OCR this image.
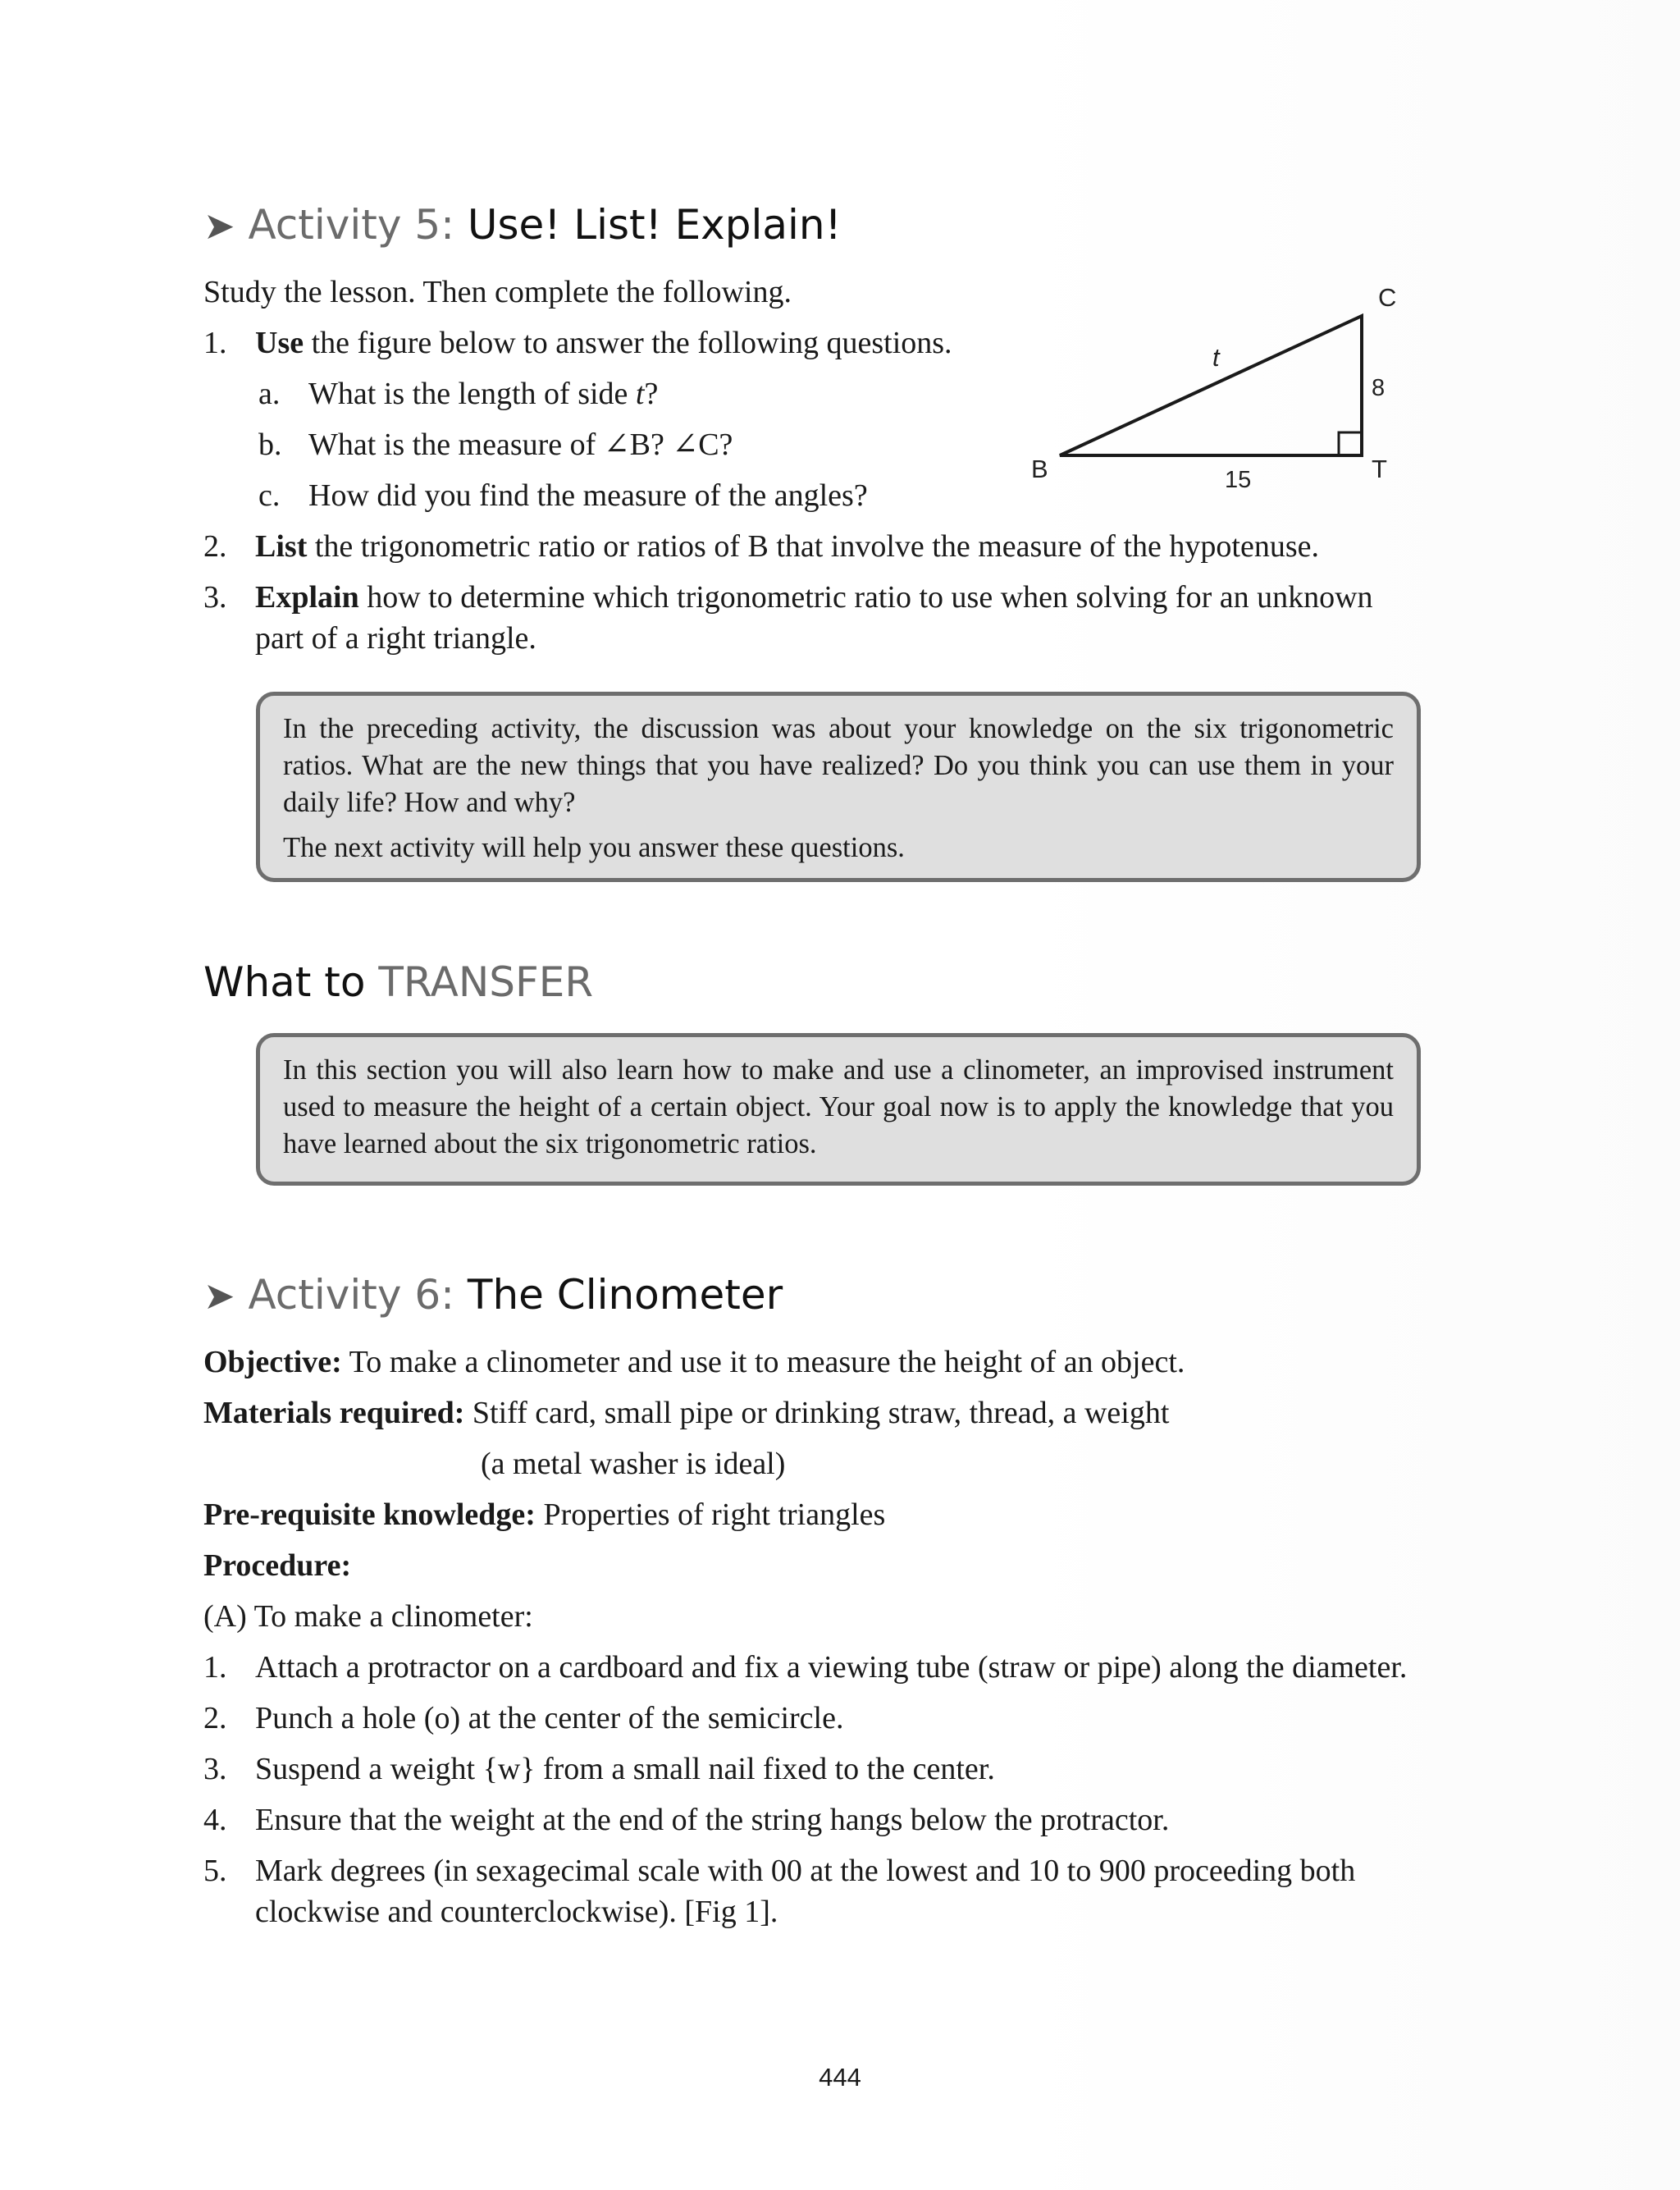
➤ Activity 5: Use! List! Explain!
Study the lesson. Then complete the following.
1. Use the figure below to answer the following questions.
a. What is the length of side t?
b. What is the measure of ∠B? ∠C?
c. How did you find the measure of the angles?
2. List the trigonometric ratio or ratios of B that involve the measure of the hypotenuse.
3. Explain how to determine which trigonometric ratio to use when solving for an unknown
part of a right triangle.
C
B	T
t
8
15

In the preceding activity, the discussion was about your knowledge on the six trigonometric ratios. What are the new things that you have realized? Do you think you can use them in your daily life? How and why?

The next activity will help you answer these questions.

What to TRANSFER

In this section you will also learn how to make and use a clinometer, an improvised instrument used to measure the height of a certain object. Your goal now is to apply the knowledge that you have learned about the six trigonometric ratios.

➤ Activity 6: The Clinometer
Objective: To make a clinometer and use it to measure the height of an object.
Materials required: Stiff card, small pipe or drinking straw, thread, a weight
(a metal washer is ideal)
Pre-requisite knowledge: Properties of right triangles
Procedure:
(A) To make a clinometer:
1. Attach a protractor on a cardboard and fix a viewing tube (straw or pipe) along the diameter.
2. Punch a hole (o) at the center of the semicircle.
3. Suspend a weight {w} from a small nail fixed to the center.
4. Ensure that the weight at the end of the string hangs below the protractor.
5. Mark degrees (in sexagecimal scale with 00 at the lowest and 10 to 900 proceeding both
clockwise and counterclockwise). [Fig 1].
444
